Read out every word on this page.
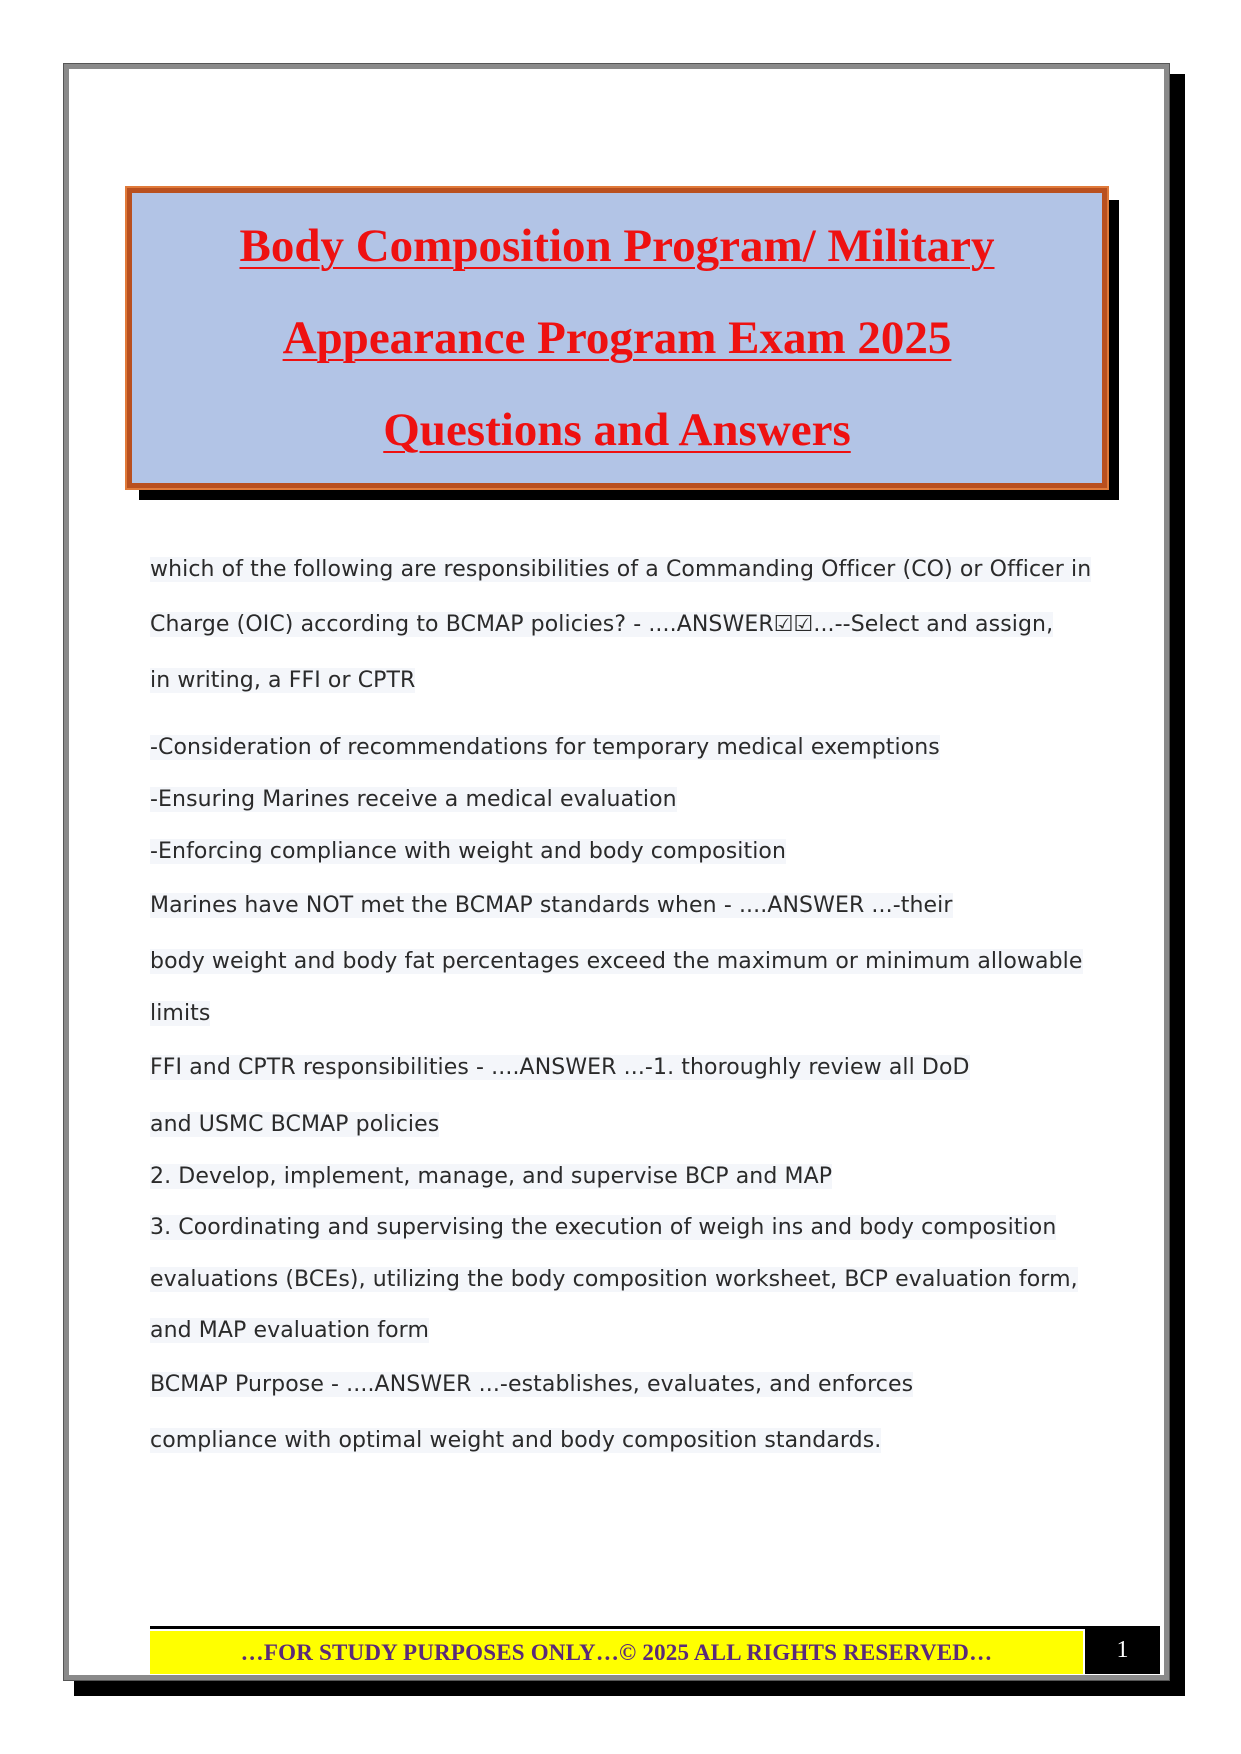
Body Composition Program/ Military
Appearance Program Exam 2025
Questions and Answers
which of the following are responsibilities of a Commanding Officer (CO) or Officer in
Charge (OIC) according to BCMAP policies? - ....ANSWER☑☑...--Select and assign,
in writing, a FFI or CPTR
-Consideration of recommendations for temporary medical exemptions
-Ensuring Marines receive a medical evaluation
-Enforcing compliance with weight and body composition
Marines have NOT met the BCMAP standards when - ....ANSWER ...-their
body weight and body fat percentages exceed the maximum or minimum allowable
limits
FFI and CPTR responsibilities - ....ANSWER ...-1. thoroughly review all DoD
and USMC BCMAP policies
2. Develop, implement, manage, and supervise BCP and MAP
3. Coordinating and supervising the execution of weigh ins and body composition
evaluations (BCEs), utilizing the body composition worksheet, BCP evaluation form,
and MAP evaluation form
BCMAP Purpose - ....ANSWER ...-establishes, evaluates, and enforces
compliance with optimal weight and body composition standards.
…FOR STUDY PURPOSES ONLY…© 2025 ALL RIGHTS RESERVED…	1
